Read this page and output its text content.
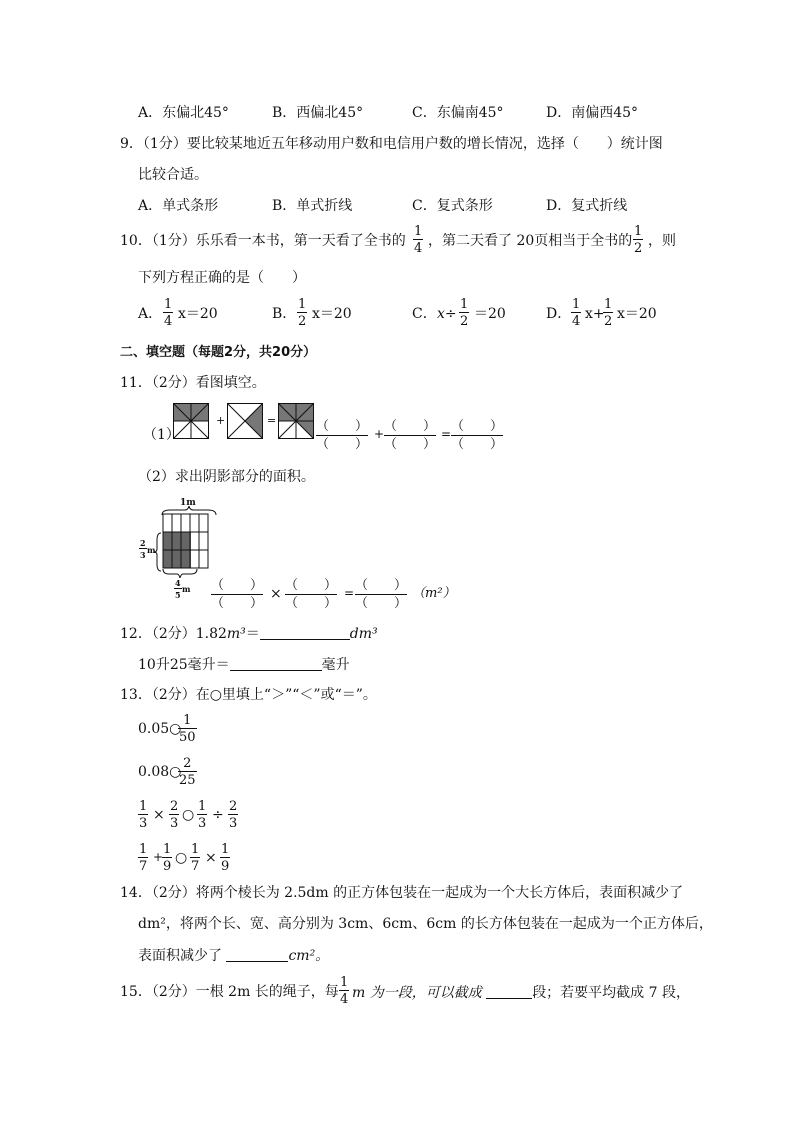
A．东偏北45°	B．西偏北45°	C．东偏南45°	D．南偏西45°
9．（1分）要比较某地近五年移动用户数和电信用户数的增长情况，选择（　　）统计图
比较合适。
A．单式条形	B．单式折线	C．复式条形	D．复式折线
10．（1分）乐乐看一本书，第一天看了全书的
1
4 ，第二天看了 20页相当于全书的
1
2 ，则
下列方程正确的是（　　）
A．
1
4 x＝20	B．
1
2 x＝20	C． x÷
1
2 ＝20	D．
1
4 x+
1
2 x＝20
二、填空题（每题2分，共20分）
11．（2分）看图填空。
+	=
（1）
（　　）
（　　）
+ （　　）
（　　）
= （　　）
（　　）
（2）求出阴影部分的面积。
1m
2
3 m
4
5
m （　　）
（　　）
×
（　　）
（　　）
= （　　）
（　　）
（m²）
12．（2分）1.82m³＝	dm³
10升25毫升＝	毫升
13．（2分）在○里填上“＞”“＜”或“＝”。
0.05○
1
50
0.08○
2
25
1
3
×
2
3
○
1
3
÷
2
3
1
7
+ 1
9
○
1
7
×
1
9
14．（2分）将两个棱长为 2.5dm 的正方体包装在一起成为一个大长方体后，表面积减少了
dm²，将两个长、宽、高分别为 3cm、6cm、6cm 的长方体包装在一起成为一个正方体后，
表面积减少了	cm²。
15．（2分）一根 2m 长的绳子，每
1
4 m 为一段，可以截成	段；若要平均截成 7 段，
